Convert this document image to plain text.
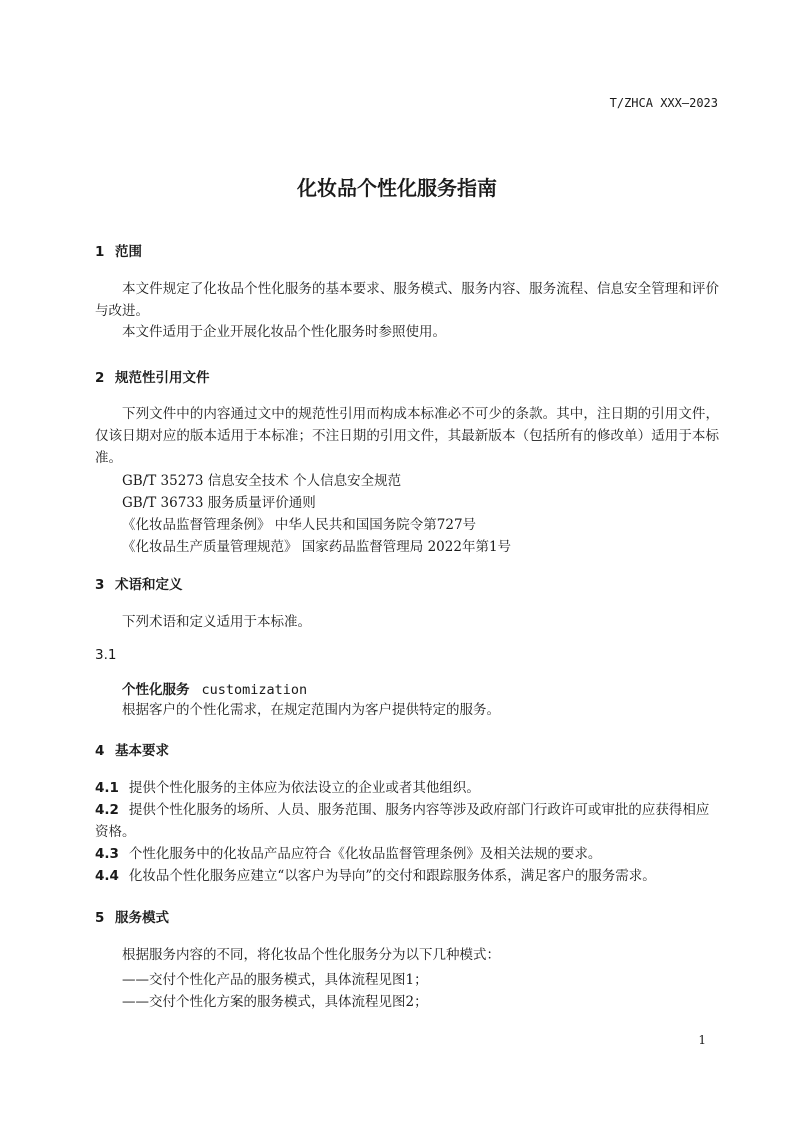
T/ZHCA XXX—2023
化妆品个性化服务指南
1 范围
本文件规定了化妆品个性化服务的基本要求、服务模式、服务内容、服务流程、信息安全管理和评价与改进。
本文件适用于企业开展化妆品个性化服务时参照使用。
2 规范性引用文件
下列文件中的内容通过文中的规范性引用而构成本标准必不可少的条款。其中，注日期的引用文件，仅该日期对应的版本适用于本标准；不注日期的引用文件，其最新版本（包括所有的修改单）适用于本标准。
GB/T 35273 信息安全技术 个人信息安全规范
GB/T 36733 服务质量评价通则
《化妆品监督管理条例》 中华人民共和国国务院令第727号
《化妆品生产质量管理规范》 国家药品监督管理局 2022年第1号
3 术语和定义
下列术语和定义适用于本标准。
3.1
个性化服务 customization
根据客户的个性化需求，在规定范围内为客户提供特定的服务。
4 基本要求
4.1 提供个性化服务的主体应为依法设立的企业或者其他组织。
4.2 提供个性化服务的场所、人员、服务范围、服务内容等涉及政府部门行政许可或审批的应获得相应资格。
4.3 个性化服务中的化妆品产品应符合《化妆品监督管理条例》及相关法规的要求。
4.4 化妆品个性化服务应建立“以客户为导向”的交付和跟踪服务体系，满足客户的服务需求。
5 服务模式
根据服务内容的不同，将化妆品个性化服务分为以下几种模式：
——交付个性化产品的服务模式，具体流程见图1；
——交付个性化方案的服务模式，具体流程见图2；
1
